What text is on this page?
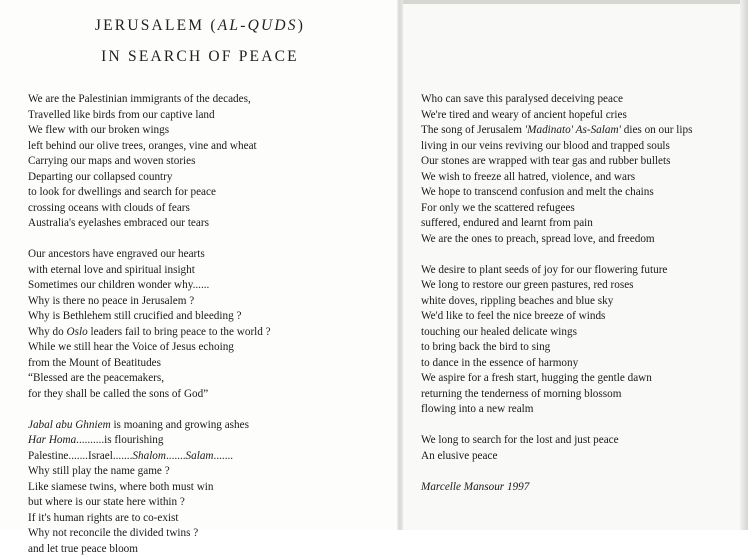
JERUSALEM (AL-QUDS)
IN SEARCH OF PEACE
We are the Palestinian immigrants of the decades,
Travelled like birds from our captive land
We flew with our broken wings
left behind our olive trees, oranges, vine and wheat
Carrying our maps and woven stories
Departing our collapsed country
to look for dwellings and search for peace
crossing oceans with clouds of fears
Australia's eyelashes embraced our tears
Our ancestors have engraved our hearts
with eternal love and spiritual insight
Sometimes our children wonder why......
Why is there no peace in Jerusalem ?
Why is Bethlehem still crucified and bleeding ?
Why do Oslo leaders fail to bring peace to the world ?
While we still hear the Voice of Jesus echoing
from the Mount of Beatitudes
“Blessed are the peacemakers,
for they shall be called the sons of God”
Jabal abu Ghniem is moaning and growing ashes
Har Homa..........is flourishing
Palestine.......Israel.......Shalom.......Salam.......
Why still play the name game ?
Like siamese twins, where both must win
but where is our state here within ?
If it's human rights are to co-exist
Why not reconcile the divided twins ?
and let true peace bloom
Who can save this paralysed deceiving peace
We're tired and weary of ancient hopeful cries
The song of Jerusalem 'Madinato' As-Salam' dies on our lips
living in our veins reviving our blood and trapped souls
Our stones are wrapped with tear gas and rubber bullets
We wish to freeze all hatred, violence, and wars
We hope to transcend confusion and melt the chains
For only we the scattered refugees
suffered, endured and learnt from pain
We are the ones to preach, spread love, and freedom
We desire to plant seeds of joy for our flowering future
We long to restore our green pastures, red roses
white doves, rippling beaches and blue sky
We'd like to feel the nice breeze of winds
touching our healed delicate wings
to bring back the bird to sing
to dance in the essence of harmony
We aspire for a fresh start, hugging the gentle dawn
returning the tenderness of morning blossom
flowing into a new realm
We long to search for the lost and just peace
An elusive peace
Marcelle Mansour 1997
